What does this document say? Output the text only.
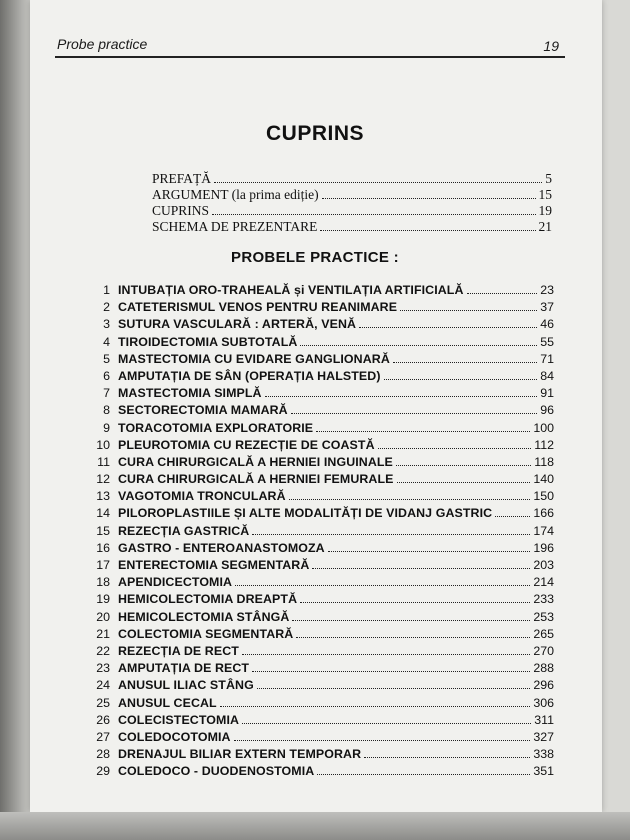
Probe practice	19
CUPRINS
PREFAȚĂ	5
ARGUMENT (la prima ediție)	15
CUPRINS	19
SCHEMA DE PREZENTARE	21
PROBELE PRACTICE :
1 INTUBAȚIA ORO-TRAHEALĂ și VENTILAȚIA ARTIFICIALĂ	23
2 CATETERISMUL VENOS PENTRU REANIMARE	37
3 SUTURA VASCULARĂ : ARTERĂ, VENĂ	46
4 TIROIDECTOMIA SUBTOTALĂ	55
5 MASTECTOMIA CU EVIDARE GANGLIONARĂ	71
6 AMPUTAȚIA DE SÂN (OPERAȚIA HALSTED)	84
7 MASTECTOMIA SIMPLĂ	91
8 SECTORECTOMIA MAMARĂ	96
9 TORACOTOMIA EXPLORATORIE	100
10 PLEUROTOMIA CU REZECȚIE DE COASTĂ	112
11 CURA CHIRURGICALĂ A HERNIEI INGUINALE	118
12 CURA CHIRURGICALĂ A HERNIEI FEMURALE	140
13 VAGOTOMIA TRONCULARĂ	150
14 PILOROPLASTIILE ȘI ALTE MODALITĂȚI DE VIDANJ GASTRIC	166
15 REZECȚIA GASTRICĂ	174
16 GASTRO - ENTEROANASTOMOZA	196
17 ENTERECTOMIA SEGMENTARĂ	203
18 APENDICECTOMIA	214
19 HEMICOLECTOMIA DREAPTĂ	233
20 HEMICOLECTOMIA STÂNGĂ	253
21 COLECTOMIA SEGMENTARĂ	265
22 REZECȚIA DE RECT	270
23 AMPUTAȚIA DE RECT	288
24 ANUSUL ILIAC STÂNG	296
25 ANUSUL CECAL	306
26 COLECISTECTOMIA	311
27 COLEDOCOTOMIA	327
28 DRENAJUL BILIAR EXTERN TEMPORAR	338
29 COLEDOCO - DUODENOSTOMIA	351
